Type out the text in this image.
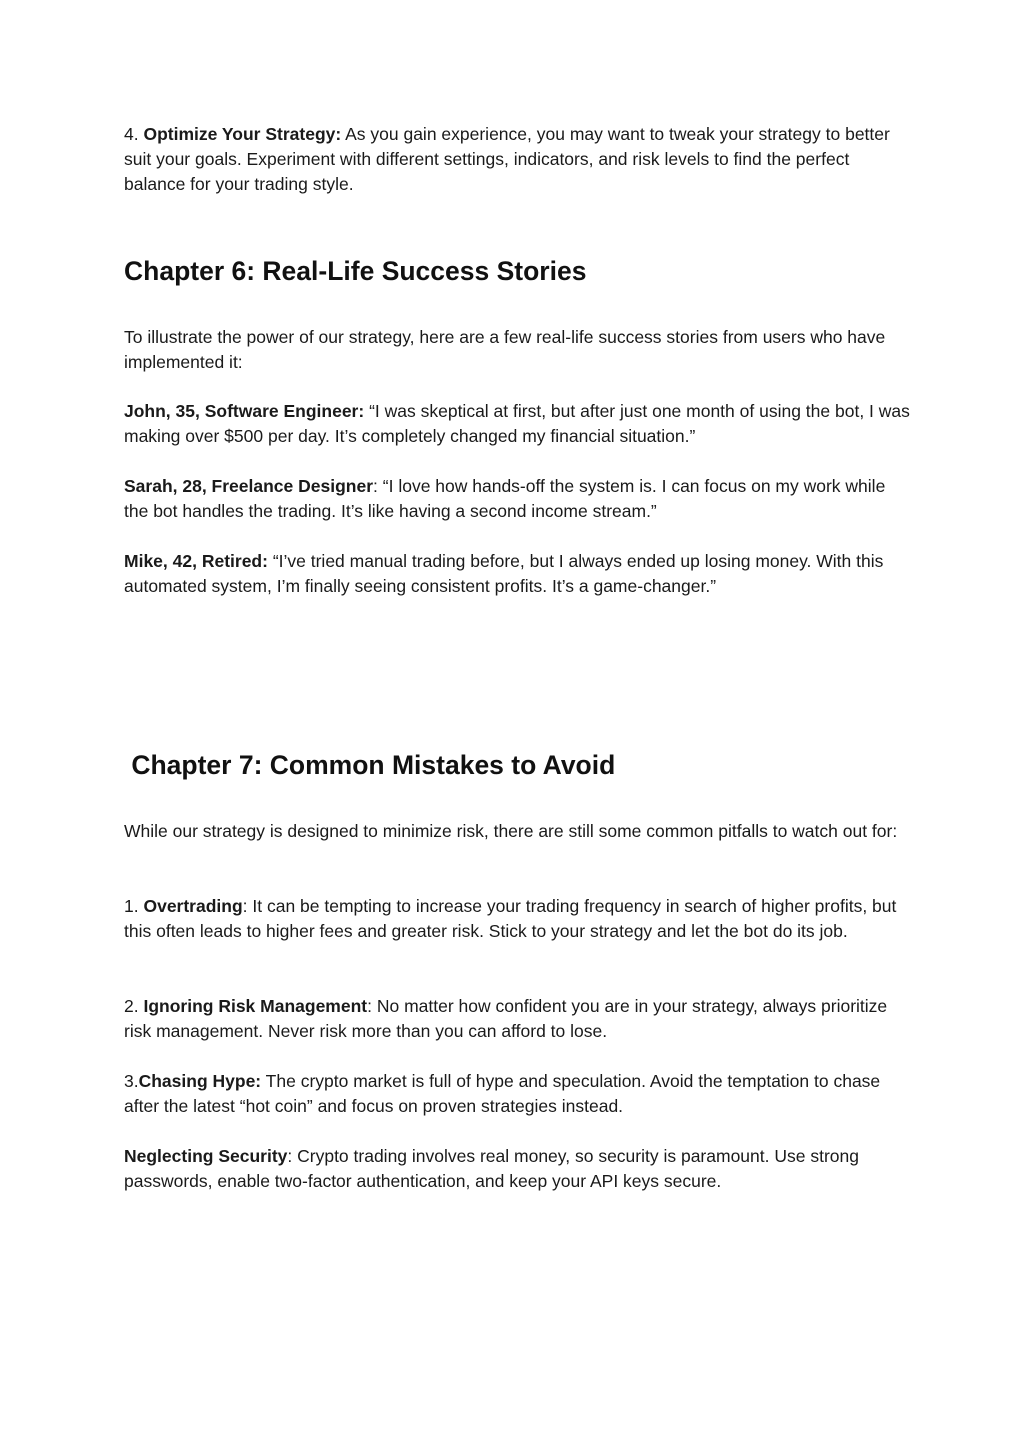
4. Optimize Your Strategy: As you gain experience, you may want to tweak your strategy to better suit your goals. Experiment with different settings, indicators, and risk levels to find the perfect balance for your trading style.

Chapter 6: Real-Life Success Stories

To illustrate the power of our strategy, here are a few real-life success stories from users who have implemented it:

John, 35, Software Engineer: “I was skeptical at first, but after just one month of using the bot, I was making over $500 per day. It’s completely changed my financial situation.”

Sarah, 28, Freelance Designer: “I love how hands-off the system is. I can focus on my work while the bot handles the trading. It’s like having a second income stream.”

Mike, 42, Retired: “I’ve tried manual trading before, but I always ended up losing money. With this automated system, I’m finally seeing consistent profits. It’s a game-changer.”

Chapter 7: Common Mistakes to Avoid

While our strategy is designed to minimize risk, there are still some common pitfalls to watch out for:

1. Overtrading: It can be tempting to increase your trading frequency in search of higher profits, but this often leads to higher fees and greater risk. Stick to your strategy and let the bot do its job.

2. Ignoring Risk Management: No matter how confident you are in your strategy, always prioritize risk management. Never risk more than you can afford to lose.

3.Chasing Hype: The crypto market is full of hype and speculation. Avoid the temptation to chase after the latest “hot coin” and focus on proven strategies instead.

Neglecting Security: Crypto trading involves real money, so security is paramount. Use strong passwords, enable two-factor authentication, and keep your API keys secure.
